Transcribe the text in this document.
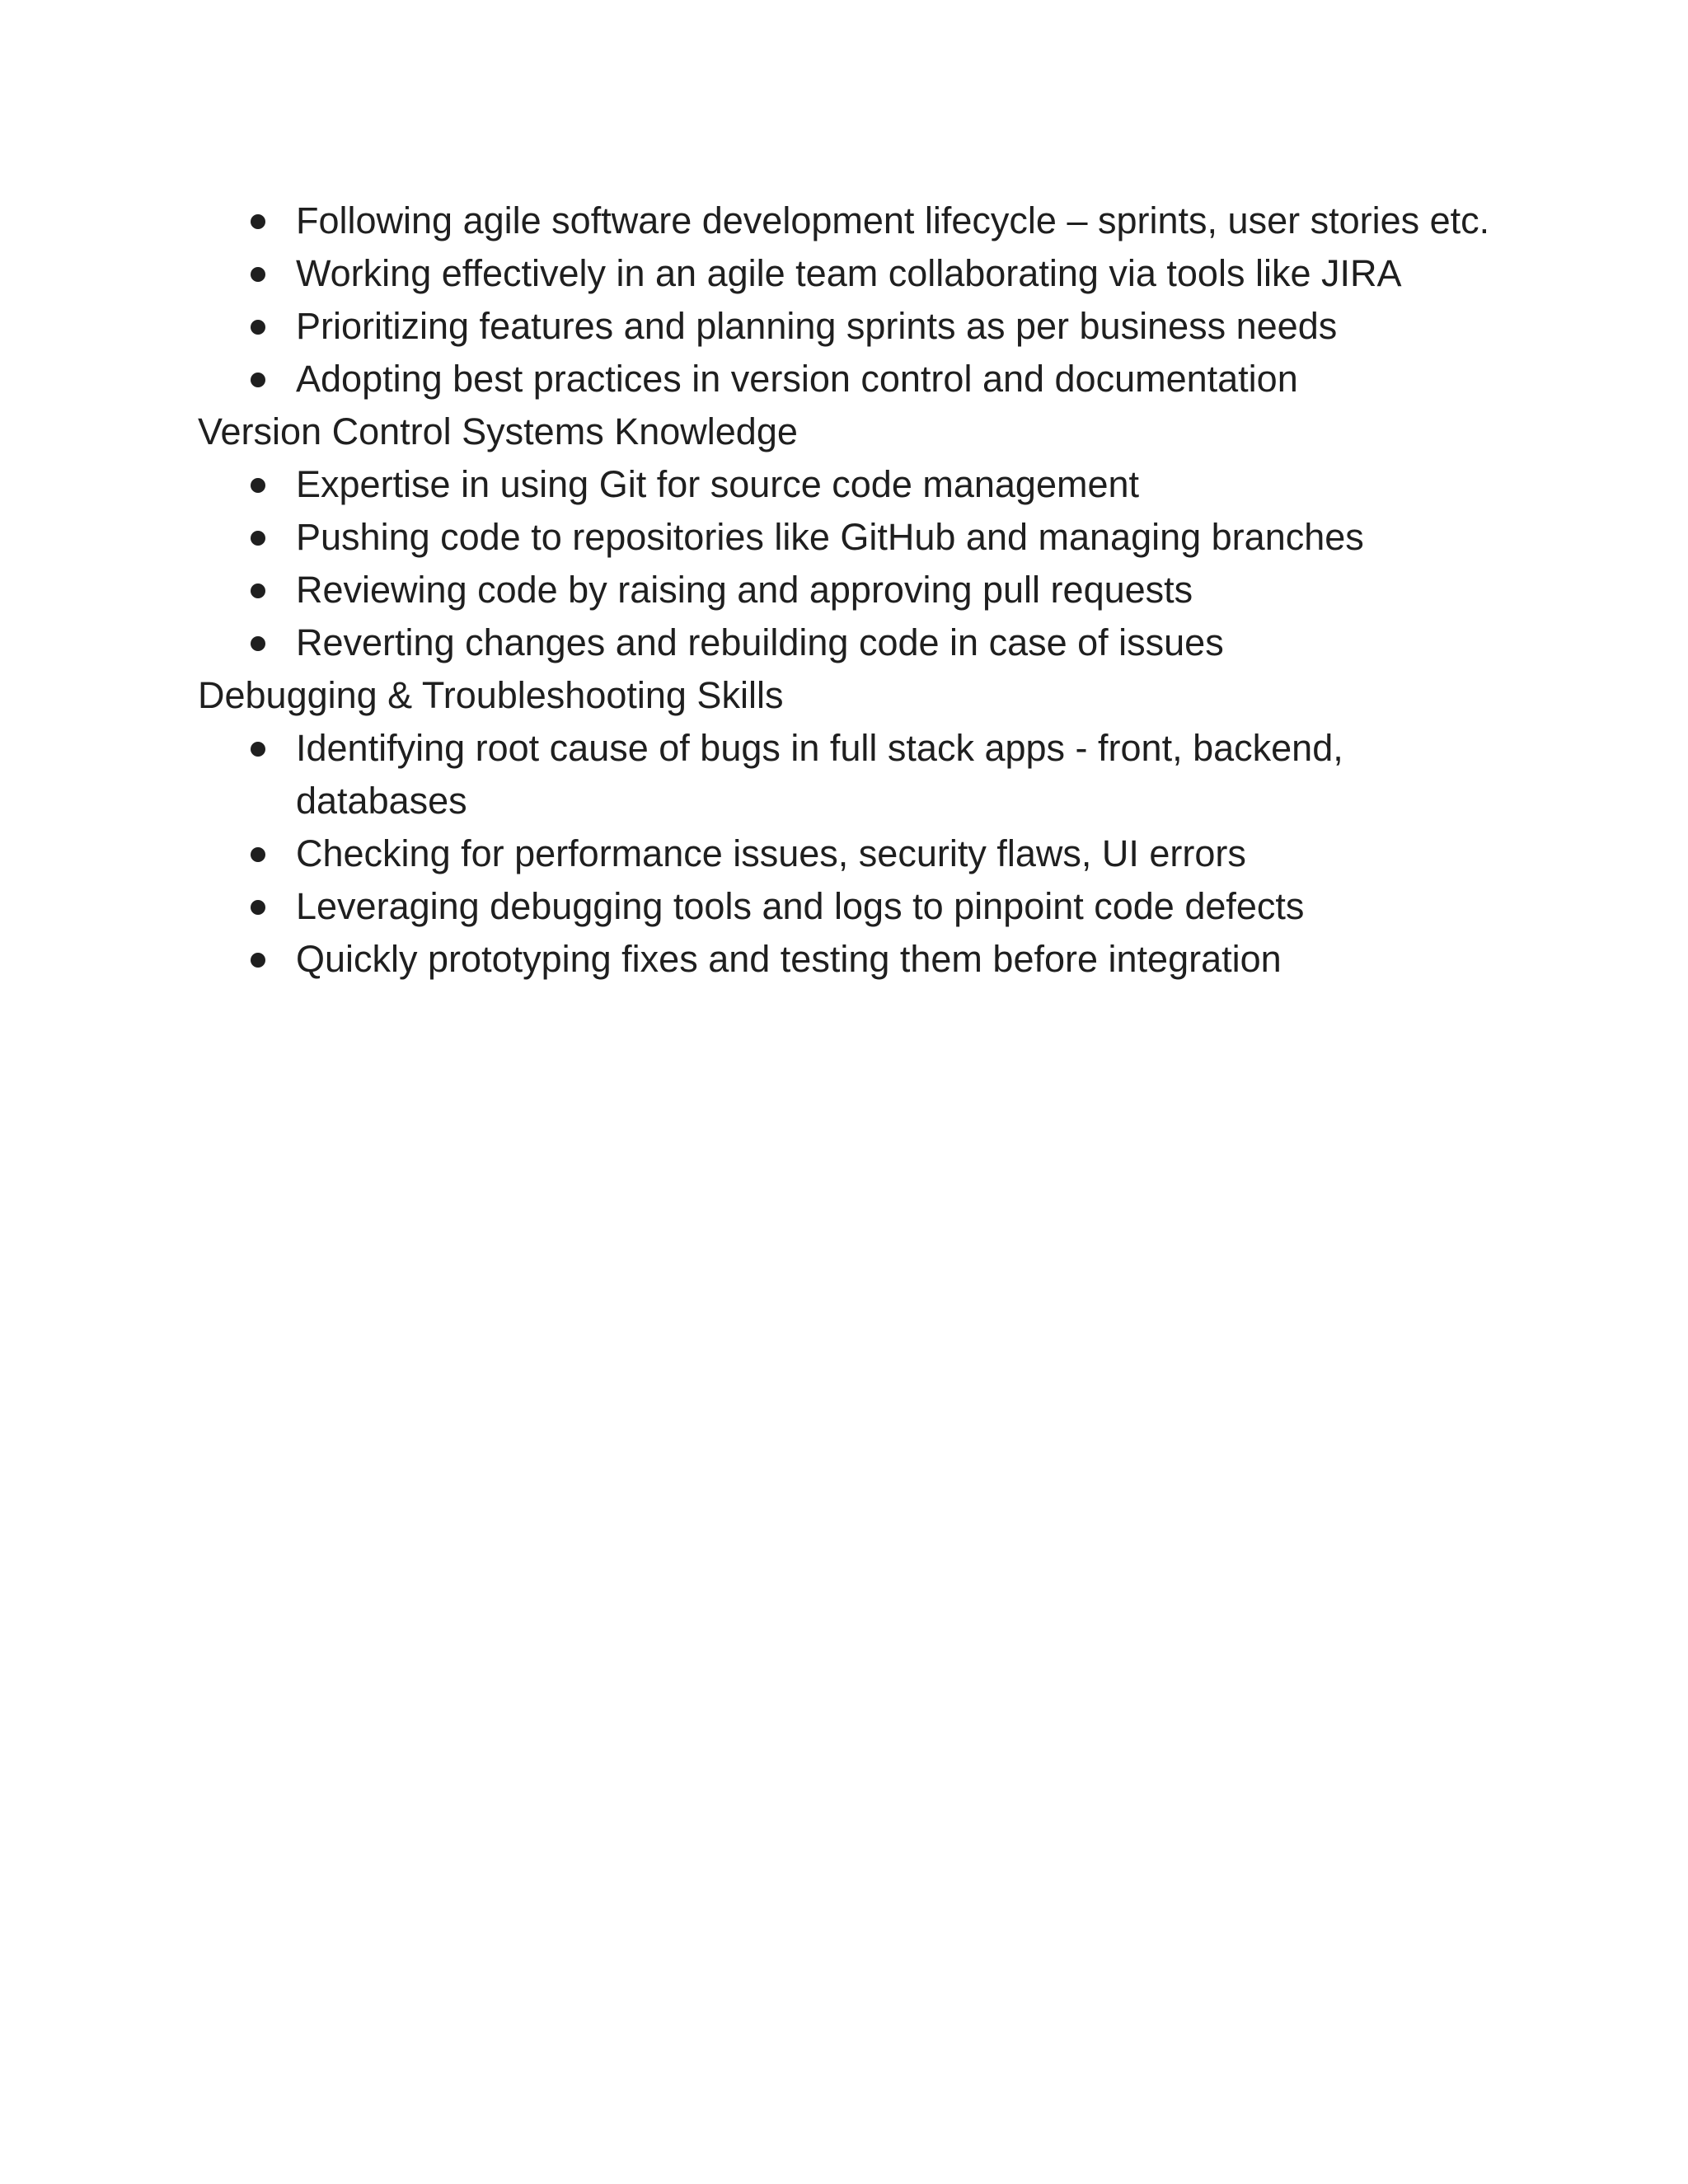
Following agile software development lifecycle – sprints, user stories etc.
Working effectively in an agile team collaborating via tools like JIRA
Prioritizing features and planning sprints as per business needs
Adopting best practices in version control and documentation
Version Control Systems Knowledge
Expertise in using Git for source code management
Pushing code to repositories like GitHub and managing branches
Reviewing code by raising and approving pull requests
Reverting changes and rebuilding code in case of issues
Debugging & Troubleshooting Skills
Identifying root cause of bugs in full stack apps - front, backend, databases
Checking for performance issues, security flaws, UI errors
Leveraging debugging tools and logs to pinpoint code defects
Quickly prototyping fixes and testing them before integration
